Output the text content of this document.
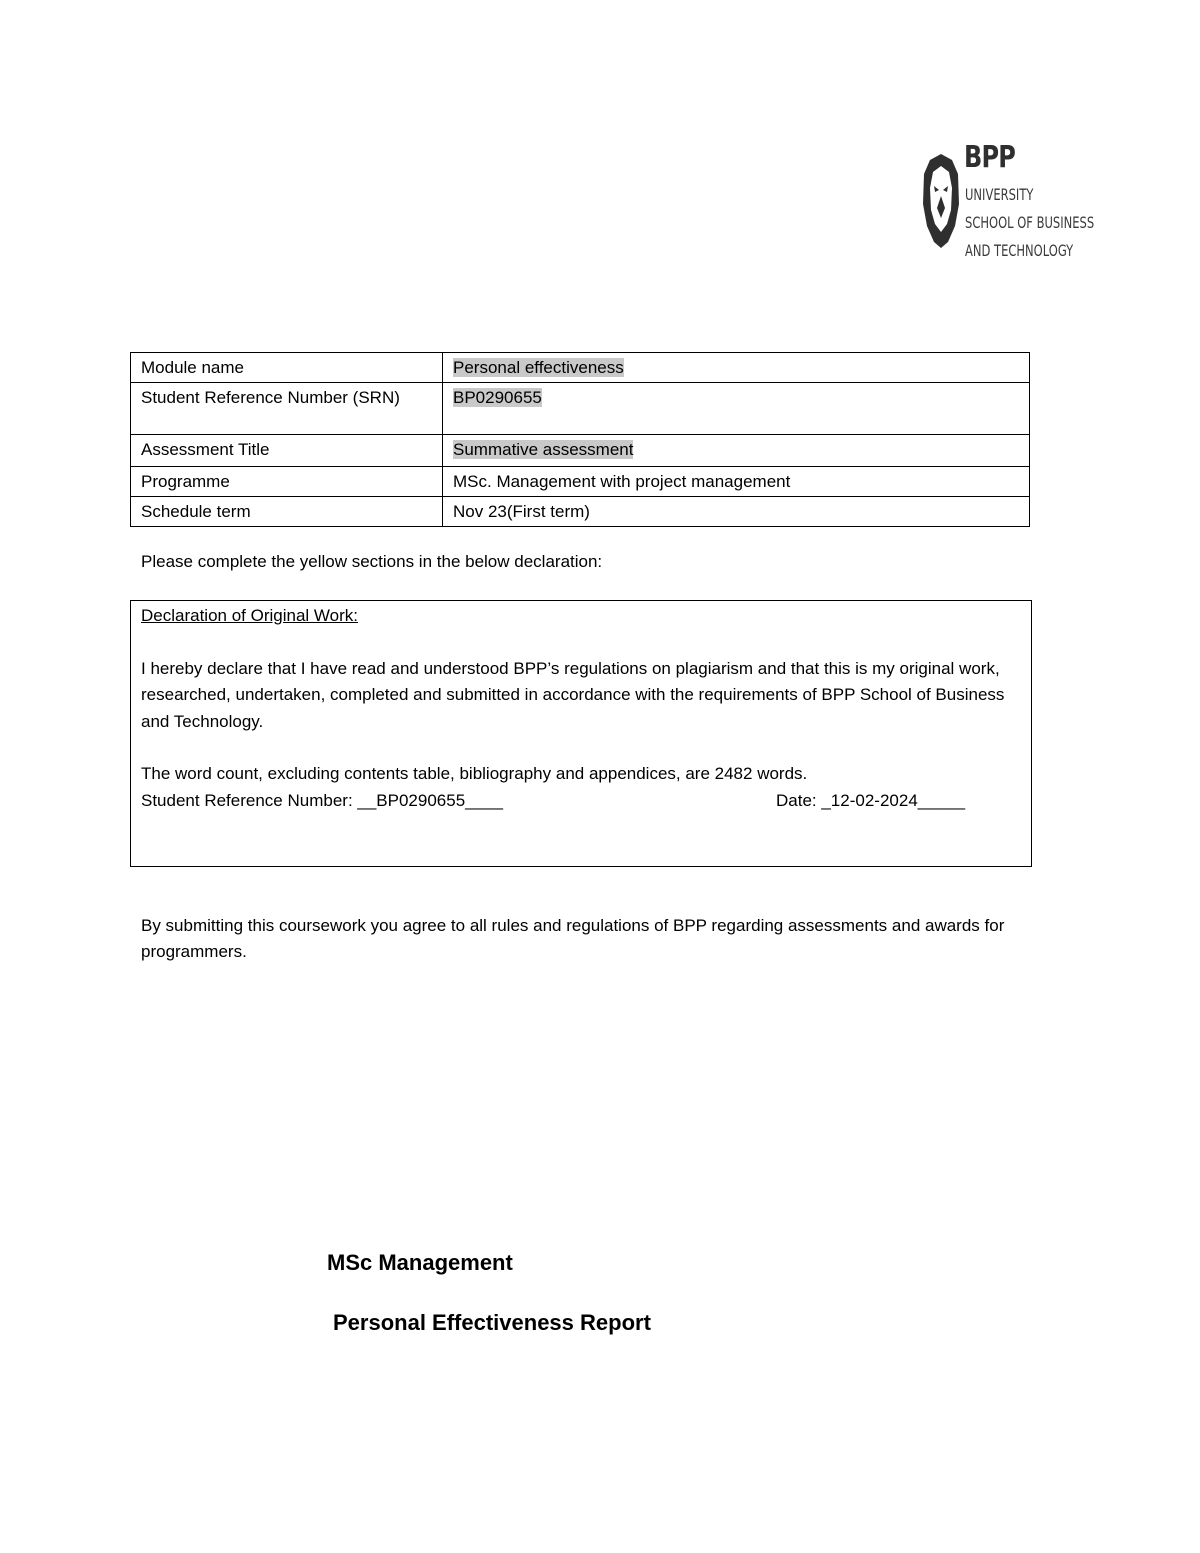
BPP
UNIVERSITY
SCHOOL OF BUSINESS
AND TECHNOLOGY
Module name	Personal effectiveness
Student Reference Number (SRN)	BP0290655
Assessment Title	Summative assessment
Programme	MSc. Management with project management
Schedule term	Nov 23(First term)
Please complete the yellow sections in the below declaration:

Declaration of Original Work:

I hereby declare that I have read and understood BPP’s regulations on plagiarism and that this is my original work, researched, undertaken, completed and submitted in accordance with the requirements of BPP School of Business and Technology.

The word count, excluding contents table, bibliography and appendices, are 2482 words.

Student Reference Number: __BP0290655____	Date: _12-02-2024_____
By submitting this coursework you agree to all rules and regulations of BPP regarding assessments and awards for programmers.
MSc Management
Personal Effectiveness Report
